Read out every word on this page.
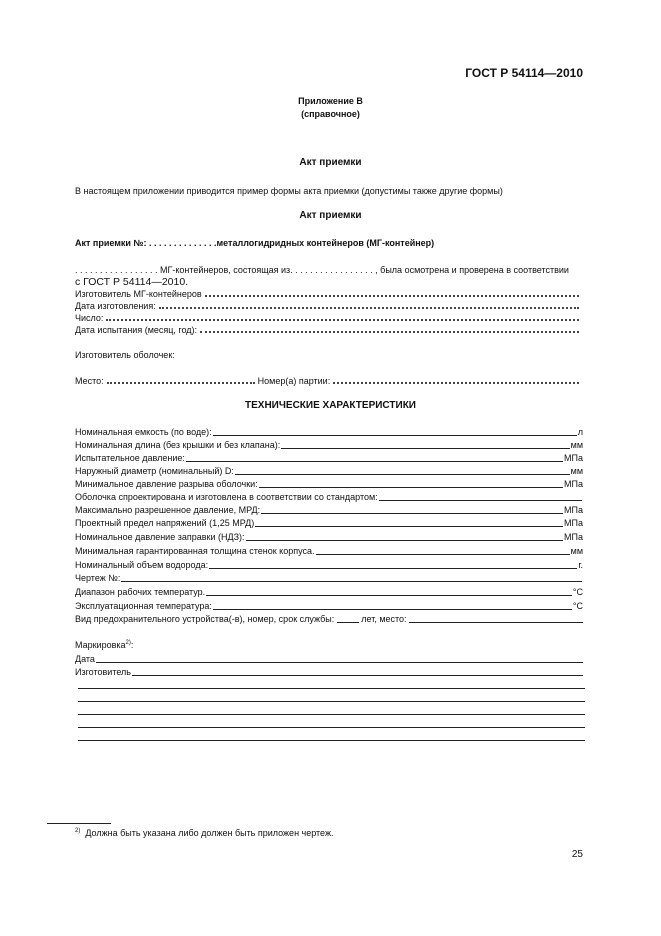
ГОСТ Р 54114—2010
Приложение В
(справочное)
Акт приемки
В настоящем приложении приводится пример формы акта приемки (допустимы также другие формы)
Акт приемки
Акт приемки №: . . . . . . . . . . . . . .металлогидридных контейнеров (МГ-контейнер)
. . . . . . . . . . . . . . . . . МГ-контейнеров, состоящая из. . . . . . . . . . . . . . . . . , была осмотрена и проверена в соответствии
с ГОСТ Р 54114—2010.
Изготовитель МГ-контейнеров
Дата изготовления:
Число:
Дата испытания (месяц, год):
Изготовитель оболочек:
Место:	Номер(а) партии:
ТЕХНИЧЕСКИЕ ХАРАКТЕРИСТИКИ
Номинальная емкость (по воде):	л
Номинальная длина (без крышки и без клапана):	мм
Испытательное давление:	МПа
Наружный диаметр (номинальный) D:	мм
Минимальное давление разрыва оболочки:	МПа
Оболочка спроектирована и изготовлена в соответствии со стандартом:
Максимально разрешенное давление, МРД:	МПа
Проектный предел напряжений (1,25 МРД)	МПа
Номинальное давление заправки (НДЗ):	МПа
Минимальная гарантированная толщина стенок корпуса.	мм
Номинальный объем водорода:	г.
Чертеж №:
Диапазон рабочих температур.	°С
Эксплуатационная температура:	°С
Вид предохранительного устройства(-в), номер, срок службы:	лет, место:
Маркировка$^{2)}$:
Дата
Изготовитель
$^{2)}$ Должна быть указана либо должен быть приложен чертеж.
25
